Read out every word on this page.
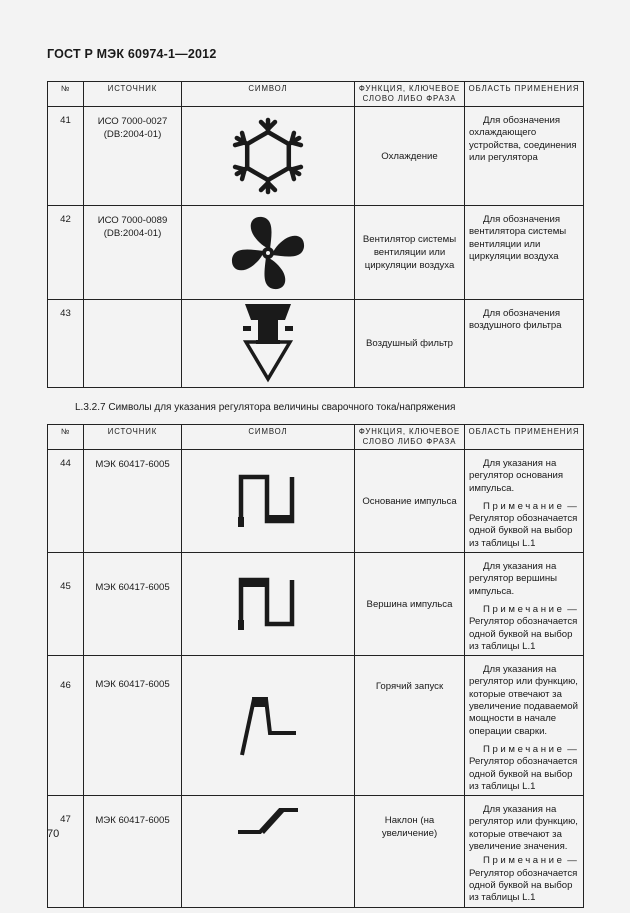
ГОСТ Р МЭК 60974-1—2012
№	ИСТОЧНИК	СИМВОЛ	ФУНКЦИЯ, КЛЮЧЕВОЕ СЛОВО ЛИБО ФРАЗА	ОБЛАСТЬ ПРИМЕНЕНИЯ
41	ИСО 7000-0027 (DB:2004-01)		Охлаждение	Для обозначения охлаждающего устройства, соединения или регулятора

42	ИСО 7000-0089 (DB:2004-01)		Вентилятор системы вентиляции или циркуляции воздуха	Для обозначения вентилятора системы вентиляции или циркуляции воздуха

43			Воздушный фильтр	Для обозначения воздушного фильтра

L.3.2.7 Символы для указания регулятора величины сварочного тока/напряжения
№	ИСТОЧНИК	СИМВОЛ	ФУНКЦИЯ, КЛЮЧЕВОЕ СЛОВО ЛИБО ФРАЗА	ОБЛАСТЬ ПРИМЕНЕНИЯ
44	МЭК 60417-6005		Основание импульса	Для указания на регулятор основания импульса.

Примечание — Регулятор обозначается одной буквой на выбор из таблицы L.1

45	МЭК 60417-6005		Вершина импульса	Для указания на регулятор вершины импульса.

Примечание — Регулятор обозначается одной буквой на выбор из таблицы L.1

46	МЭК 60417-6005		Горячий запуск	Для указания на регулятор или функцию, которые отвечают за увеличение подаваемой мощности в начале операции сварки.

Примечание — Регулятор обозначается одной буквой на выбор из таблицы L.1

47	МЭК 60417-6005		Наклон (на увеличение)	Для указания на регулятор или функцию, которые отвечают за увеличение значения.

Примечание — Регулятор обозначается одной буквой на выбор из таблицы L.1

70
